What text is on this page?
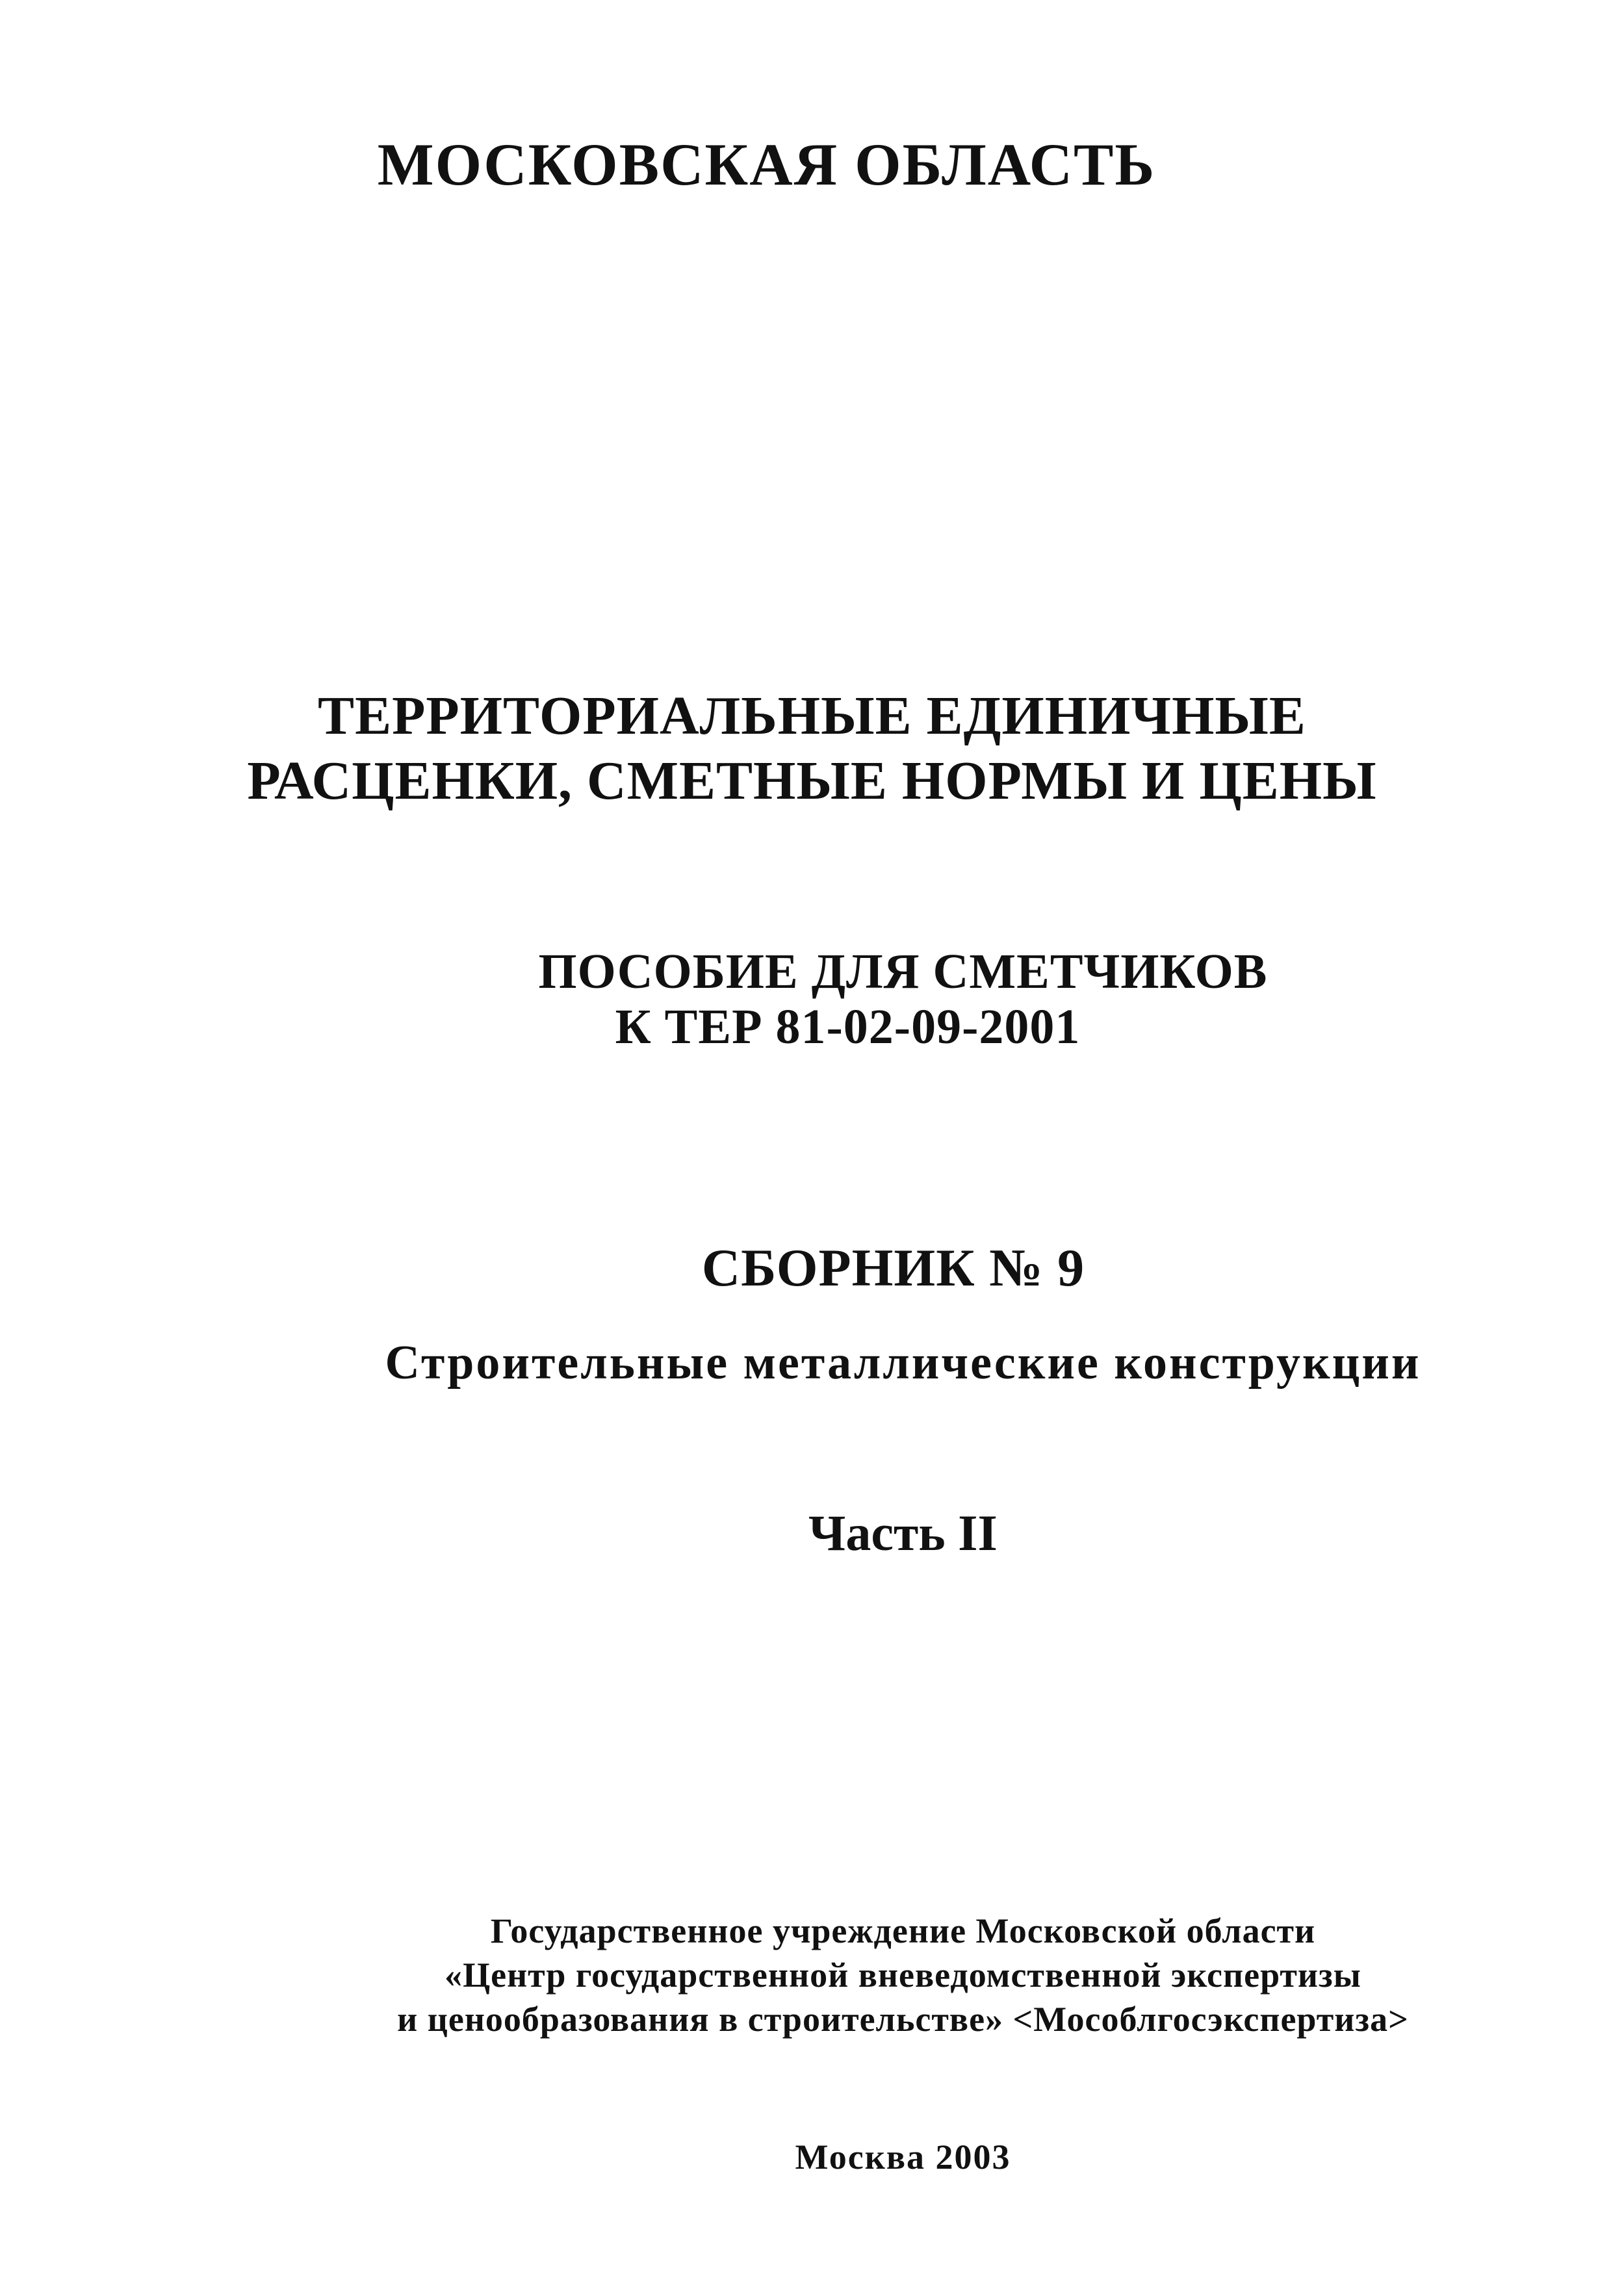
МОСКОВСКАЯ ОБЛАСТЬ
ТЕРРИТОРИАЛЬНЫЕ ЕДИНИЧНЫЕ
РАСЦЕНКИ, СМЕТНЫЕ НОРМЫ И ЦЕНЫ
ПОСОБИЕ ДЛЯ СМЕТЧИКОВ
К ТЕР 81-02-09-2001
СБОРНИК № 9
Строительные металлические конструкции
Часть II
Государственное учреждение Московской области
«Центр государственной вневедомственной экспертизы
и ценообразования в строительстве» <Мособлгосэкспертиза>
Москва 2003
